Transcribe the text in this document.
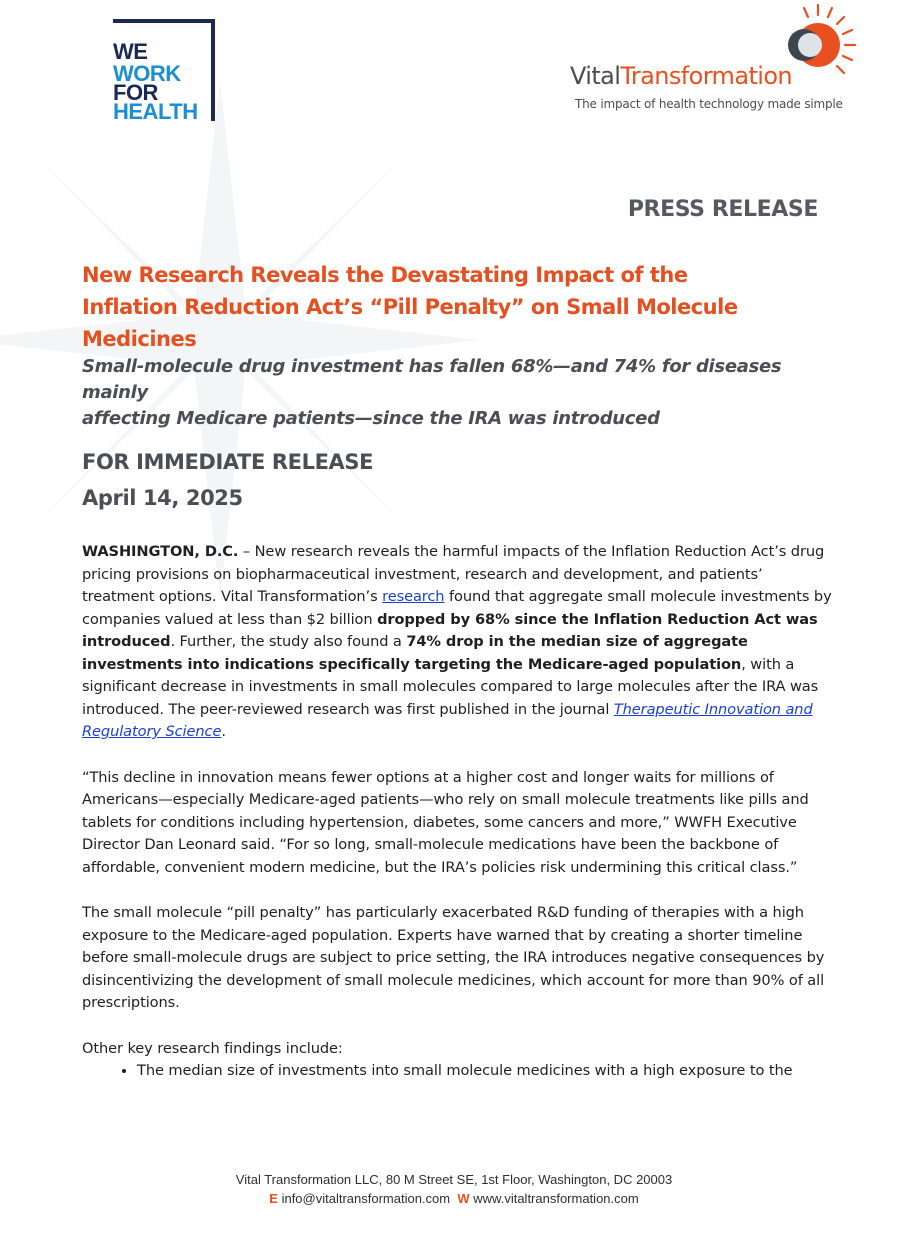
WE
WORK
FOR
HEALTH
VitalTransformation
The impact of health technology made simple
PRESS RELEASE
New Research Reveals the Devastating Impact of the
Inflation Reduction Act’s “Pill Penalty” on Small Molecule Medicines
Small-molecule drug investment has fallen 68%—and 74% for diseases mainly
affecting Medicare patients—since the IRA was introduced
FOR IMMEDIATE RELEASE
April 14, 2025

WASHINGTON, D.C. – New research reveals the harmful impacts of the Inflation Reduction Act’s drug pricing provisions on biopharmaceutical investment, research and development, and patients’ treatment options. Vital Transformation’s research found that aggregate small molecule investments by companies valued at less than $2 billion dropped by 68% since the Inflation Reduction Act was introduced. Further, the study also found a 74% drop in the median size of aggregate investments into indications specifically targeting the Medicare-aged population, with a significant decrease in investments in small molecules compared to large molecules after the IRA was introduced. The peer-reviewed research was first published in the journal Therapeutic Innovation and Regulatory Science.

“This decline in innovation means fewer options at a higher cost and longer waits for millions of Americans—especially Medicare-aged patients—who rely on small molecule treatments like pills and tablets for conditions including hypertension, diabetes, some cancers and more,” WWFH Executive Director Dan Leonard said. “For so long, small-molecule medications have been the backbone of affordable, convenient modern medicine, but the IRA’s policies risk undermining this critical class.”

The small molecule “pill penalty” has particularly exacerbated R&D funding of therapies with a high exposure to the Medicare-aged population. Experts have warned that by creating a shorter timeline before small-molecule drugs are subject to price setting, the IRA introduces negative consequences by disincentivizing the development of small molecule medicines, which account for more than 90% of all prescriptions.

Other key research findings include:
• The median size of investments into small molecule medicines with a high exposure to the
Vital Transformation LLC, 80 M Street SE, 1st Floor, Washington, DC 20003
E info@vitaltransformation.com W www.vitaltransformation.com
